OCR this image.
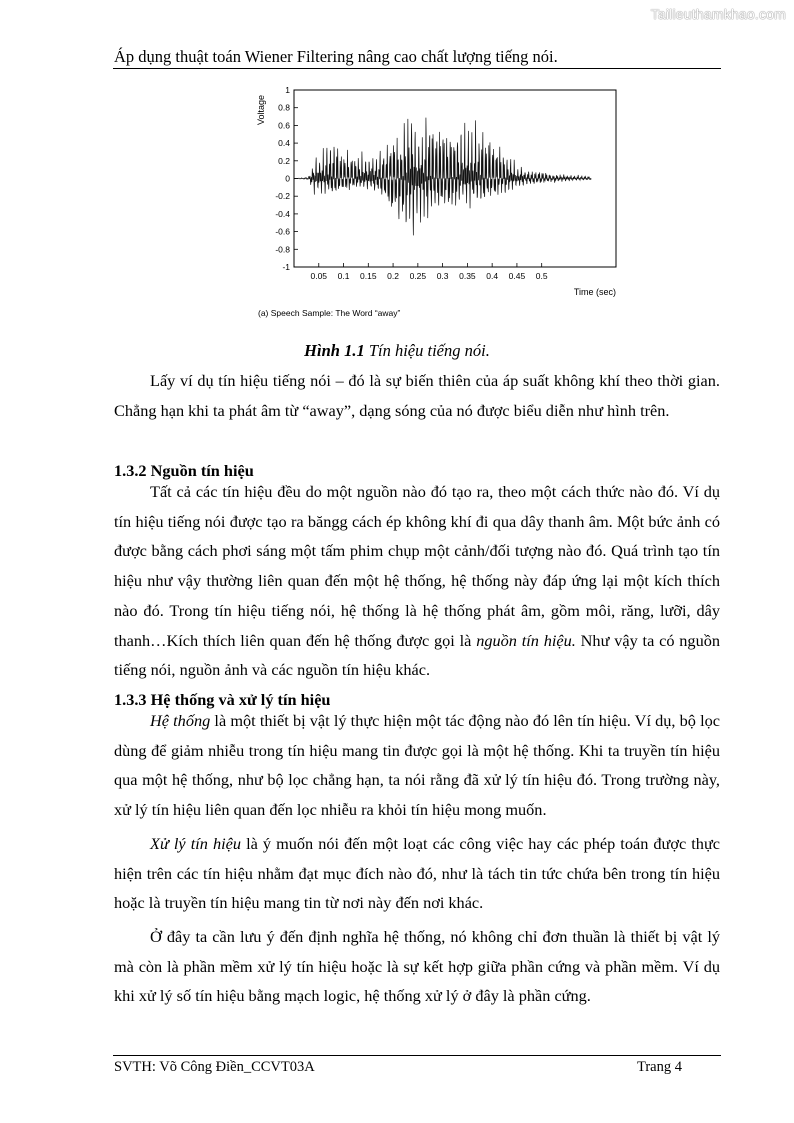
Tailieuthamkhao.com
Áp dụng thuật toán Wiener Filtering nâng cao chất lượng tiếng nói.
1
0.8
0.6
0.4
0.2
0
-0.2
-0.4
-0.6
-0.8
-1
0.05 0.1 0.15 0.2 0.25 0.3 0.35 0.4 0.45 0.5
Voltage
Time (sec)
(a) Speech Sample: The Word “away”
Hình 1.1 Tín hiệu tiếng nói.

Lấy ví dụ tín hiệu tiếng nói – đó là sự biến thiên của áp suất không khí theo thời gian. Chẳng hạn khi ta phát âm từ “away”, dạng sóng của nó được biểu diễn như hình trên.

1.3.2 Nguồn tín hiệu

Tất cả các tín hiệu đều do một nguồn nào đó tạo ra, theo một cách thức nào đó. Ví dụ tín hiệu tiếng nói được tạo ra băngg cách ép không khí đi qua dây thanh âm. Một bức ảnh có được bằng cách phơi sáng một tấm phim chụp một cảnh/đối tượng nào đó. Quá trình tạo tín hiệu như vậy thường liên quan đến một hệ thống, hệ thống này đáp ứng lại một kích thích nào đó. Trong tín hiệu tiếng nói, hệ thống là hệ thống phát âm, gồm môi, răng, lưỡi, dây thanh…Kích thích liên quan đến hệ thống được gọi là nguồn tín hiệu. Như vậy ta có nguồn tiếng nói, nguồn ảnh và các nguồn tín hiệu khác.

1.3.3 Hệ thống và xử lý tín hiệu

Hệ thống là một thiết bị vật lý thực hiện một tác động nào đó lên tín hiệu. Ví dụ, bộ lọc dùng để giảm nhiễu trong tín hiệu mang tin được gọi là một hệ thống. Khi ta truyền tín hiệu qua một hệ thống, như bộ lọc chẳng hạn, ta nói rằng đã xử lý tín hiệu đó. Trong trường này, xử lý tín hiệu liên quan đến lọc nhiễu ra khỏi tín hiệu mong muốn.

Xử lý tín hiệu là ý muốn nói đến một loạt các công việc hay các phép toán được thực hiện trên các tín hiệu nhằm đạt mục đích nào đó, như là tách tin tức chứa bên trong tín hiệu hoặc là truyền tín hiệu mang tin từ nơi này đến nơi khác.

Ở đây ta cần lưu ý đến định nghĩa hệ thống, nó không chỉ đơn thuần là thiết bị vật lý mà còn là phần mềm xử lý tín hiệu hoặc là sự kết hợp giữa phần cứng và phần mềm. Ví dụ khi xử lý số tín hiệu bằng mạch logic, hệ thống xử lý ở đây là phần cứng.

SVTH: Võ Công Điền_CCVT03A	Trang 4
